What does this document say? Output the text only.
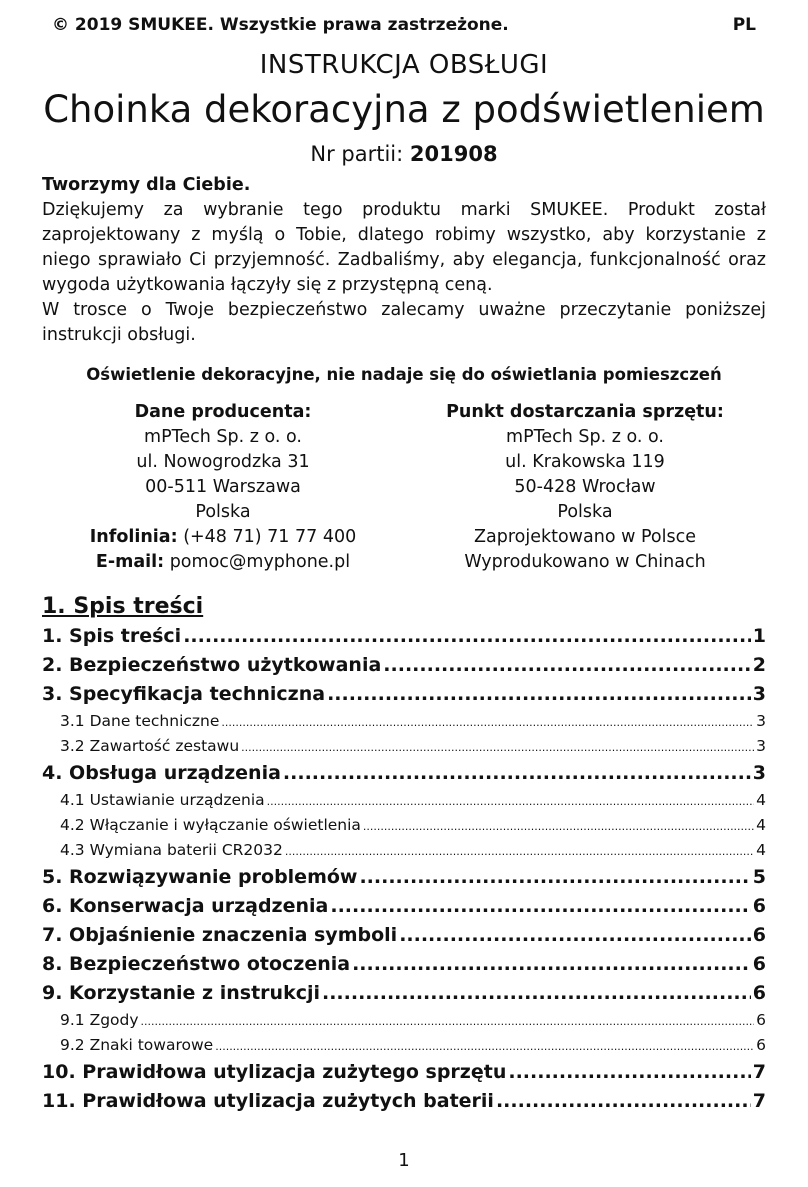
© 2019 SMUKEE. Wszystkie prawa zastrzeżone.	PL
INSTRUKCJA OBSŁUGI
Choinka dekoracyjna z podświetleniem
Nr partii: 201908

Tworzymy dla Ciebie.

Dziękujemy za wybranie tego produktu marki SMUKEE. Produkt został zaprojektowany z myślą o Tobie, dlatego robimy wszystko, aby korzystanie z niego sprawiało Ci przyjemność. Zadbaliśmy, aby elegancja, funkcjonalność oraz wygoda użytkowania łączyły się z przystępną ceną.

W trosce o Twoje bezpieczeństwo zalecamy uważne przeczytanie poniższej instrukcji obsługi.

Oświetlenie dekoracyjne, nie nadaje się do oświetlania pomieszczeń
Dane producenta:
mPTech Sp. z o. o.
ul. Nowogrodzka 31
00-511 Warszawa
Polska
Infolinia: (+48 71) 71 77 400
E-mail: pomoc@myphone.pl
Punkt dostarczania sprzętu:
mPTech Sp. z o. o.
ul. Krakowska 119
50-428 Wrocław
Polska
Zaprojektowano w Polsce
Wyprodukowano w Chinach
1. Spis treści
1. Spis treści .....	1
2. Bezpieczeństwo użytkowania .....	2
3. Specyfikacja techniczna .....	3
3.1 Dane techniczne .....	3
3.2 Zawartość zestawu .....	3
4. Obsługa urządzenia .....	3
4.1 Ustawianie urządzenia .....	4
4.2 Włączanie i wyłączanie oświetlenia .....	4
4.3 Wymiana baterii CR2032 .....	4
5. Rozwiązywanie problemów .....	5
6. Konserwacja urządzenia .....	6
7. Objaśnienie znaczenia symboli .....	6
8. Bezpieczeństwo otoczenia .....	6
9. Korzystanie z instrukcji .....	6
9.1 Zgody .....	6
9.2 Znaki towarowe .....	6
10. Prawidłowa utylizacja zużytego sprzętu .....	7
11. Prawidłowa utylizacja zużytych baterii .....	7
1
